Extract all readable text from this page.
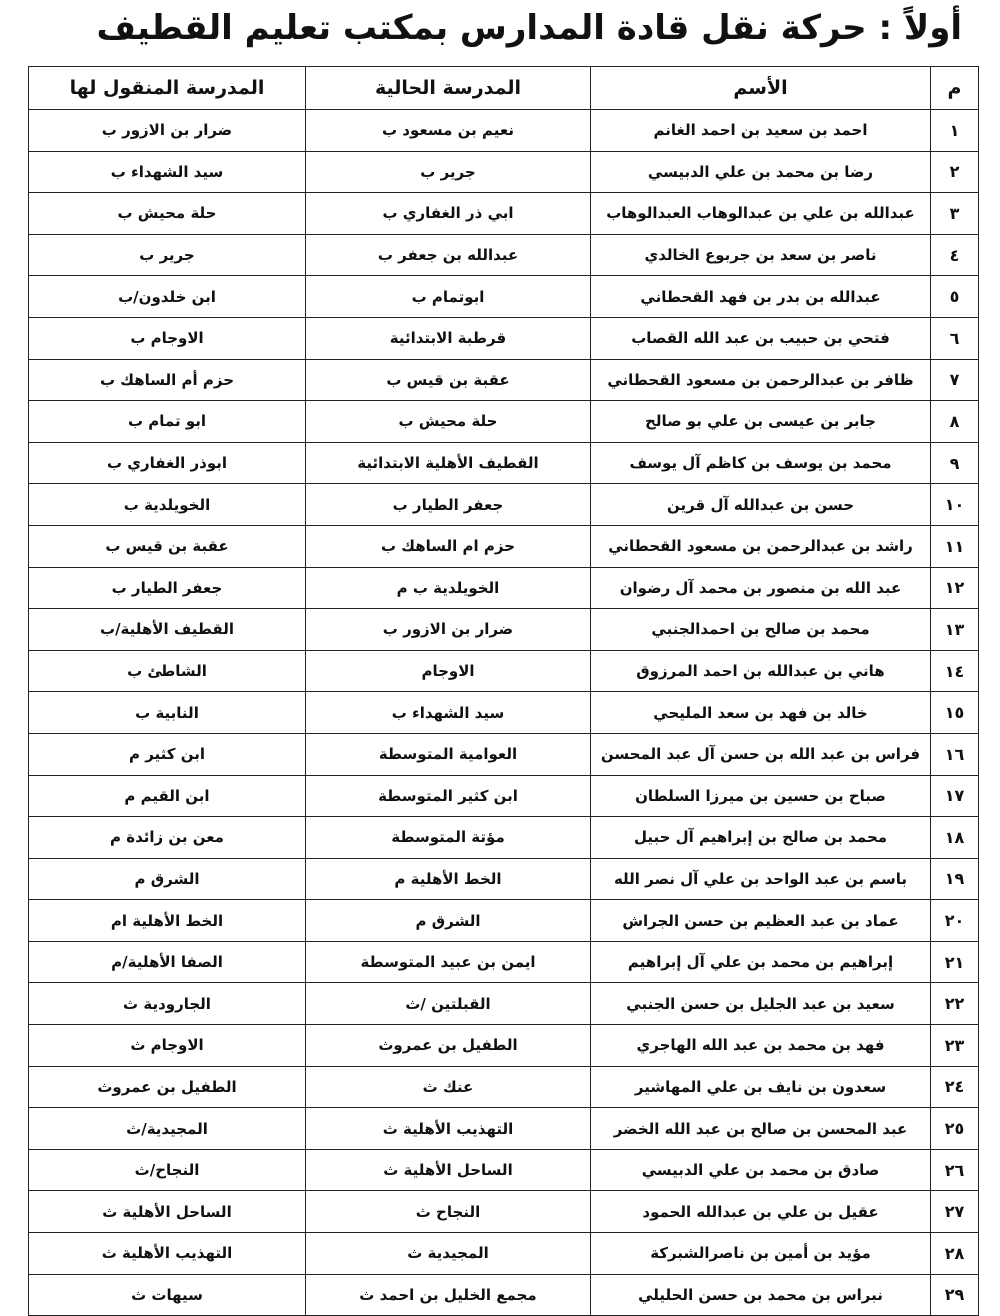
أولاً : حركة نقل قادة المدارس بمكتب تعليم القطيف
م	الأسم	المدرسة الحالية	المدرسة المنقول لها
١	احمد بن سعيد بن احمد الغانم	نعيم بن مسعود ب	ضرار بن الازور ب
٢	رضا بن محمد بن علي الدبيسي	جرير ب	سيد الشهداء ب
٣	عبدالله بن علي بن عبدالوهاب العبدالوهاب	ابي ذر الغفاري ب	حلة محيش ب
٤	ناصر بن سعد بن جربوع الخالدي	عبدالله بن جعفر ب	جرير ب
٥	عبدالله بن بدر بن فهد القحطاني	ابوتمام ب	ابن خلدون/ب
٦	فتحي بن حبيب بن عبد الله القصاب	قرطبة الابتدائية	الاوجام ب
٧	ظافر بن عبدالرحمن بن مسعود القحطاني	عقبة بن قيس ب	حزم أم الساهك ب
٨	جابر بن عيسى بن علي بو صالح	حلة محيش ب	ابو تمام ب
٩	محمد بن يوسف بن كاظم آل يوسف	القطيف الأهلية الابتدائية	ابوذر الغفاري ب
١٠	حسن بن عبدالله آل قرين	جعفر الطيار ب	الخويلدية ب
١١	راشد بن عبدالرحمن بن مسعود القحطاني	حزم ام الساهك ب	عقبة بن قيس ب
١٢	عبد الله بن منصور بن محمد آل رضوان	الخويلدية ب م	جعفر الطيار ب
١٣	محمد بن صالح بن احمدالجنبي	ضرار بن الازور ب	القطيف الأهلية/ب
١٤	هاني بن عبدالله بن احمد المرزوق	الاوجام	الشاطئ ب
١٥	خالد بن فهد بن سعد المليحي	سيد الشهداء ب	النابية ب
١٦	فراس بن عبد الله بن حسن آل عبد المحسن	العوامية المتوسطة	ابن كثير م
١٧	صباح بن حسين بن ميرزا السلطان	ابن كثير المتوسطة	ابن القيم م
١٨	محمد بن صالح بن إبراهيم آل حبيل	مؤتة المتوسطة	معن بن زائدة م
١٩	باسم بن عبد الواحد بن علي آل نصر الله	الخط الأهلية م	الشرق م
٢٠	عماد بن عبد العظيم بن حسن الجراش	الشرق م	الخط الأهلية ام
٢١	إبراهيم بن محمد بن علي آل إبراهيم	ايمن بن عبيد المتوسطة	الصفا الأهلية/م
٢٢	سعيد بن عبد الجليل بن حسن الجنبي	القبلتين /ث	الجارودية ث
٢٣	فهد بن محمد بن عبد الله الهاجري	الطفيل بن عمروث	الاوجام ث
٢٤	سعدون بن نايف بن علي المهاشير	عنك ث	الطفيل بن عمروث
٢٥	عبد المحسن بن صالح بن عبد الله الخضر	التهذيب الأهلية ث	المجيدية/ث
٢٦	صادق بن محمد بن علي الدبيسي	الساحل الأهلية ث	النجاح/ث
٢٧	عقيل بن علي بن عبدالله الحمود	النجاح ث	الساحل الأهلية ث
٢٨	مؤيد بن أمين بن ناصرالشبركة	المجيدية ث	التهذيب الأهلية ث
٢٩	نبراس بن محمد بن حسن الحليلي	مجمع الخليل بن احمد ث	سيهات ث
